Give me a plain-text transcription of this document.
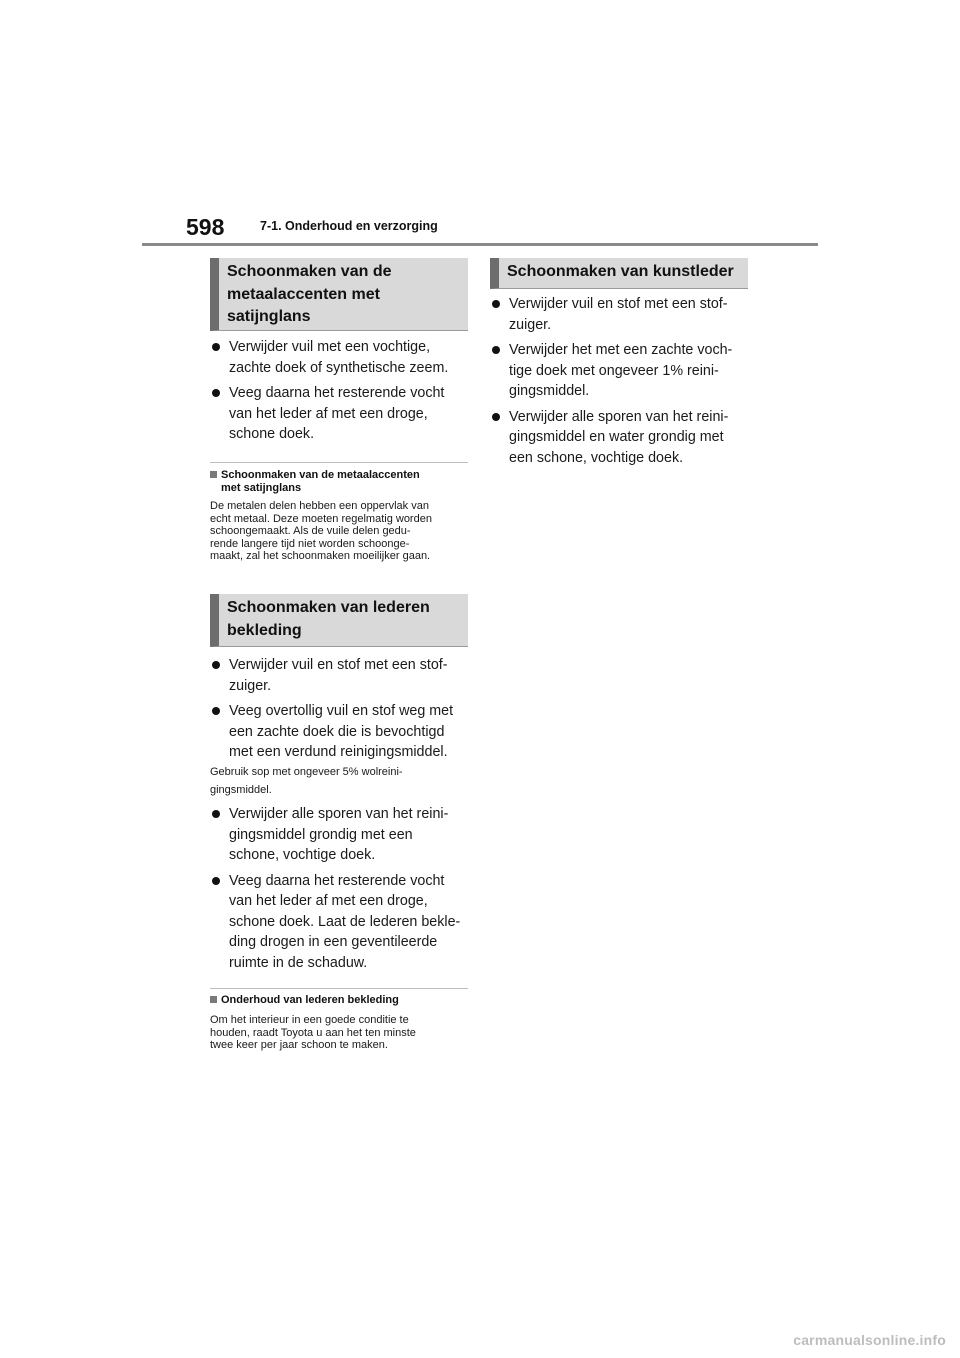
598	7-1. Onderhoud en verzorging
Schoonmaken van de
metaalaccenten met
satijnglans
Verwijder vuil met een vochtige,
zachte doek of synthetische zeem.
Veeg daarna het resterende vocht
van het leder af met een droge,
schone doek.
Schoonmaken van de metaalaccenten
met satijnglans
De metalen delen hebben een oppervlak van
echt metaal. Deze moeten regelmatig worden
schoongemaakt. Als de vuile delen gedu-
rende langere tijd niet worden schoonge-
maakt, zal het schoonmaken moeilijker gaan.
Schoonmaken van lederen
bekleding
Verwijder vuil en stof met een stof-
zuiger.
Veeg overtollig vuil en stof weg met
een zachte doek die is bevochtigd
met een verdund reinigingsmiddel.
Gebruik sop met ongeveer 5% wolreini-
gingsmiddel.
Verwijder alle sporen van het reini-
gingsmiddel grondig met een
schone, vochtige doek.
Veeg daarna het resterende vocht
van het leder af met een droge,
schone doek. Laat de lederen bekle-
ding drogen in een geventileerde
ruimte in de schaduw.
Onderhoud van lederen bekleding
Om het interieur in een goede conditie te
houden, raadt Toyota u aan het ten minste
twee keer per jaar schoon te maken.
Schoonmaken van kunstleder
Verwijder vuil en stof met een stof-
zuiger.
Verwijder het met een zachte voch-
tige doek met ongeveer 1% reini-
gingsmiddel.
Verwijder alle sporen van het reini-
gingsmiddel en water grondig met
een schone, vochtige doek.
carmanualsonline.info
